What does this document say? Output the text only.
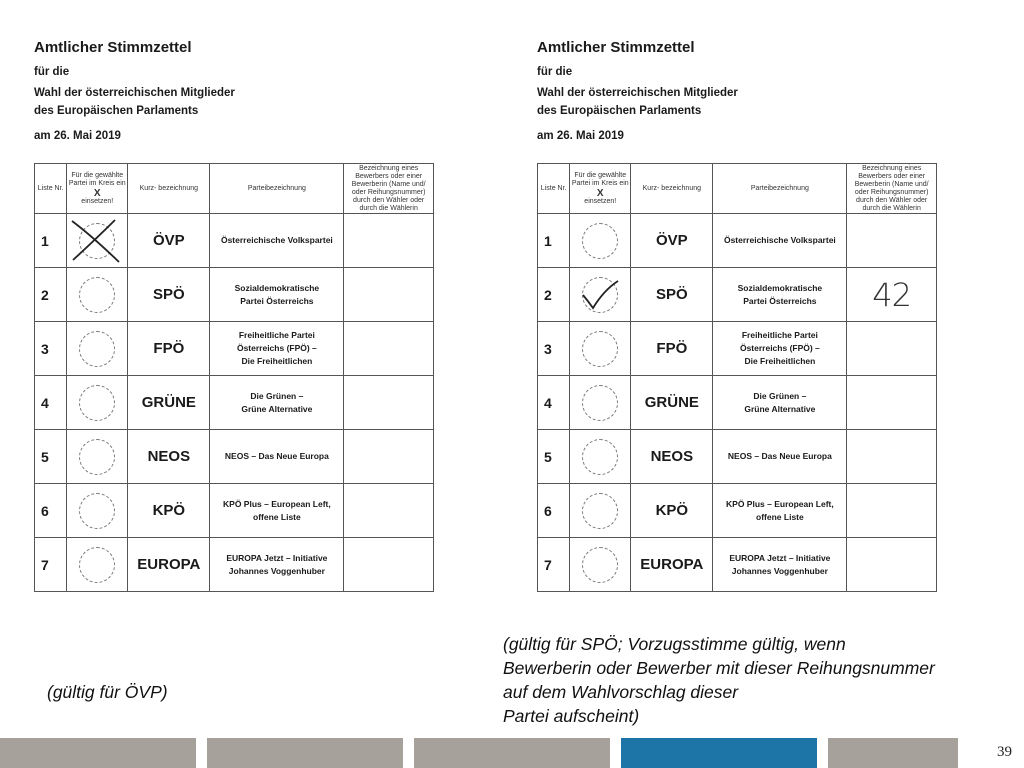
Amtlicher Stimmzettel
für die
Wahl der österreichischen Mitglieder
des Europäischen Parlaments
am 26. Mai 2019
Liste Nr.	Für die gewählte Partei im Kreis ein
X
einsetzen!	Kurz- bezeichnung	Parteibezeichnung	Bezeichnung eines Bewerbers oder einer Bewerberin (Name und/ oder Reihungsnummer) durch den Wähler oder durch die Wählerin
1		ÖVP	Österreichische Volkspartei	

2		SPÖ	Sozialdemokratische
Partei Österreichs	

3		FPÖ	Freiheitliche Partei
Österreichs (FPÖ) –
Die Freiheitlichen	

4		GRÜNE	Die Grünen –
Grüne Alternative	

5		NEOS	NEOS – Das Neue Europa	

6		KPÖ	KPÖ Plus – European Left,
offene Liste	

7		EUROPA	EUROPA Jetzt – Initiative
Johannes Voggenhuber	

Amtlicher Stimmzettel
für die
Wahl der österreichischen Mitglieder
des Europäischen Parlaments
am 26. Mai 2019
Liste Nr.	Für die gewählte Partei im Kreis ein
X
einsetzen!	Kurz- bezeichnung	Parteibezeichnung	Bezeichnung eines Bewerbers oder einer Bewerberin (Name und/ oder Reihungsnummer) durch den Wähler oder durch die Wählerin
1		ÖVP	Österreichische Volkspartei	

2		SPÖ	Sozialdemokratische
Partei Österreichs	42
3		FPÖ	Freiheitliche Partei
Österreichs (FPÖ) –
Die Freiheitlichen	

4		GRÜNE	Die Grünen –
Grüne Alternative	

5		NEOS	NEOS – Das Neue Europa	

6		KPÖ	KPÖ Plus – European Left,
offene Liste	

7		EUROPA	EUROPA Jetzt – Initiative
Johannes Voggenhuber	

(gültig für ÖVP)
(gültig für SPÖ; Vorzugsstimme gültig, wenn
Bewerberin oder Bewerber mit dieser Reihungsnummer
auf dem Wahlvorschlag dieser
Partei aufscheint)
39
